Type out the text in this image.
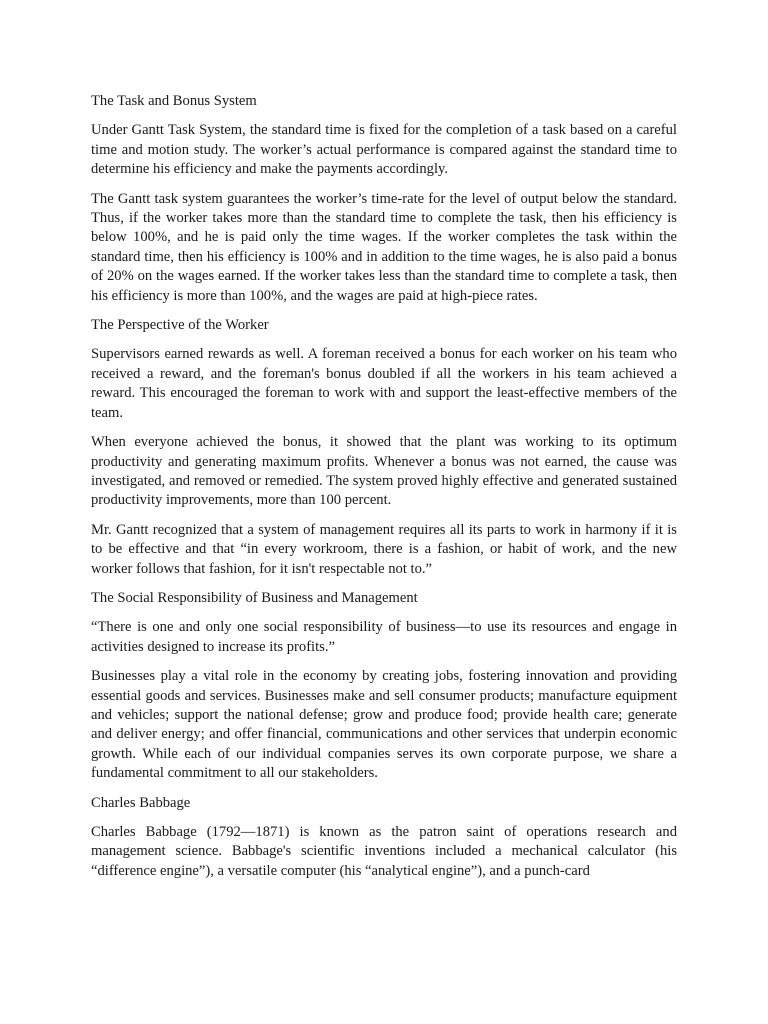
The Task and Bonus System

Under Gantt Task System, the standard time is fixed for the completion of a task based on a careful time and motion study. The worker’s actual performance is compared against the standard time to determine his efficiency and make the payments accordingly.

The Gantt task system guarantees the worker’s time-rate for the level of output below the standard. Thus, if the worker takes more than the standard time to complete the task, then his efficiency is below 100%, and he is paid only the time wages. If the worker completes the task within the standard time, then his efficiency is 100% and in addition to the time wages, he is also paid a bonus of 20% on the wages earned. If the worker takes less than the standard time to complete a task, then his efficiency is more than 100%, and the wages are paid at high-piece rates.

The Perspective of the Worker

Supervisors earned rewards as well. A foreman received a bonus for each worker on his team who received a reward, and the foreman's bonus doubled if all the workers in his team achieved a reward. This encouraged the foreman to work with and support the least-effective members of the team.

When everyone achieved the bonus, it showed that the plant was working to its optimum productivity and generating maximum profits. Whenever a bonus was not earned, the cause was investigated, and removed or remedied. The system proved highly effective and generated sustained productivity improvements, more than 100 percent.

Mr. Gantt recognized that a system of management requires all its parts to work in harmony if it is to be effective and that “in every workroom, there is a fashion, or habit of work, and the new worker follows that fashion, for it isn't respectable not to.”

The Social Responsibility of Business and Management

“There is one and only one social responsibility of business—to use its resources and engage in activities designed to increase its profits.”

Businesses play a vital role in the economy by creating jobs, fostering innovation and providing essential goods and services. Businesses make and sell consumer products; manufacture equipment and vehicles; support the national defense; grow and produce food; provide health care; generate and deliver energy; and offer financial, communications and other services that underpin economic growth. While each of our individual companies serves its own corporate purpose, we share a fundamental commitment to all our stakeholders.

Charles Babbage

Charles Babbage (1792—1871) is known as the patron saint of operations research and management science. Babbage's scientific inventions included a mechanical calculator (his “difference engine”), a versatile computer (his “analytical engine”), and a punch-card
